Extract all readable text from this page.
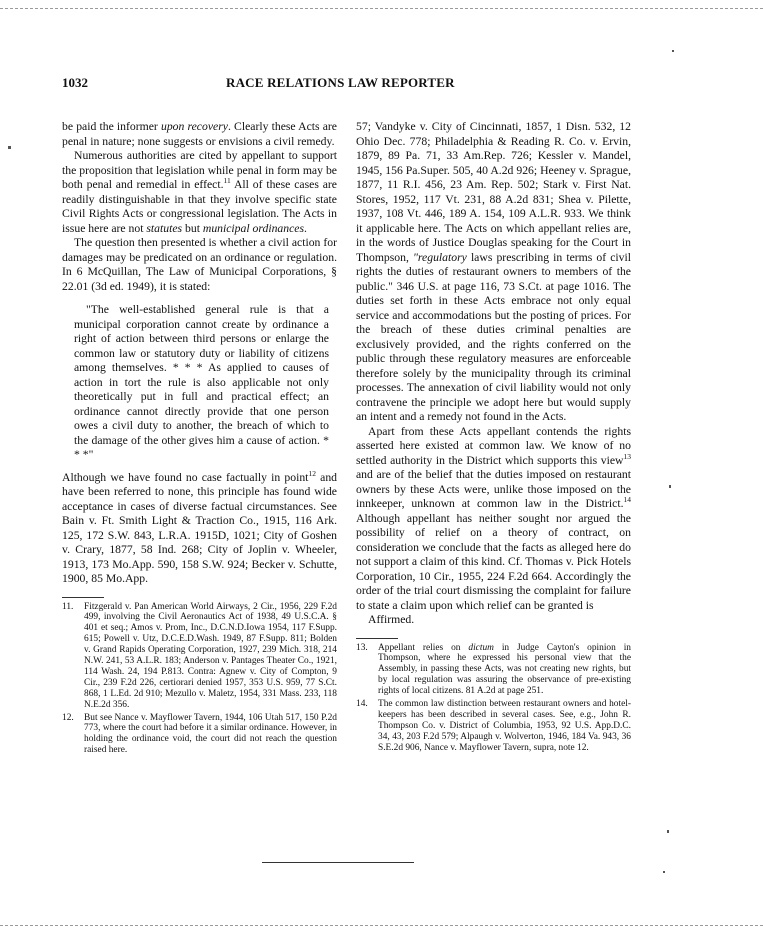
1032	RACE RELATIONS LAW REPORTER

be paid the informer upon recovery. Clearly these Acts are penal in nature; none suggests or envisions a civil remedy.

Numerous authorities are cited by appellant to support the proposition that legislation while penal in form may be both penal and remedial in effect.$^{11}$ All of these cases are readily distinguishable in that they involve specific state Civil Rights Acts or congressional legislation. The Acts in issue here are not statutes but municipal ordinances.

The question then presented is whether a civil action for damages may be predicated on an ordinance or regulation. In 6 McQuillan, The Law of Municipal Corporations, § 22.01 (3d ed. 1949), it is stated:

"The well-established general rule is that a municipal corporation cannot create by ordinance a right of action between third persons or enlarge the common law or statutory duty or liability of citizens among themselves. * * * As applied to causes of action in tort the rule is also applicable not only theoretically put in full and practical effect; an ordinance cannot directly provide that one person owes a civil duty to another, the breach of which to the damage of the other gives him a cause of action. * * *"

Although we have found no case factually in point$^{12}$ and have been referred to none, this principle has found wide acceptance in cases of diverse factual circumstances. See Bain v. Ft. Smith Light & Traction Co., 1915, 116 Ark. 125, 172 S.W. 843, L.R.A. 1915D, 1021; City of Goshen v. Crary, 1877, 58 Ind. 268; City of Joplin v. Wheeler, 1913, 173 Mo.App. 590, 158 S.W. 924; Becker v. Schutte, 1900, 85 Mo.App.

11.	Fitzgerald v. Pan American World Airways, 2 Cir., 1956, 229 F.2d 499, involving the Civil Aeronautics Act of 1938, 49 U.S.C.A. § 401 et seq.; Amos v. Prom, Inc., D.C.N.D.Iowa 1954, 117 F.Supp. 615; Powell v. Utz, D.C.E.D.Wash. 1949, 87 F.Supp. 811; Bolden v. Grand Rapids Operating Corporation, 1927, 239 Mich. 318, 214 N.W. 241, 53 A.L.R. 183; Anderson v. Pantages Theater Co., 1921, 114 Wash. 24, 194 P.813. Contra: Agnew v. City of Compton, 9 Cir., 239 F.2d 226, certiorari denied 1957, 353 U.S. 959, 77 S.Ct. 868, 1 L.Ed. 2d 910; Mezullo v. Maletz, 1954, 331 Mass. 233, 118 N.E.2d 356.
12.	But see Nance v. Mayflower Tavern, 1944, 106 Utah 517, 150 P.2d 773, where the court had before it a similar ordinance. However, in holding the ordinance void, the court did not reach the question raised here.

57; Vandyke v. City of Cincinnati, 1857, 1 Disn. 532, 12 Ohio Dec. 778; Philadelphia & Reading R. Co. v. Ervin, 1879, 89 Pa. 71, 33 Am.Rep. 726; Kessler v. Mandel, 1945, 156 Pa.Super. 505, 40 A.2d 926; Heeney v. Sprague, 1877, 11 R.I. 456, 23 Am. Rep. 502; Stark v. First Nat. Stores, 1952, 117 Vt. 231, 88 A.2d 831; Shea v. Pilette, 1937, 108 Vt. 446, 189 A. 154, 109 A.L.R. 933. We think it applicable here. The Acts on which appellant relies are, in the words of Justice Douglas speaking for the Court in Thompson, "regulatory laws prescribing in terms of civil rights the duties of restaurant owners to members of the public." 346 U.S. at page 116, 73 S.Ct. at page 1016. The duties set forth in these Acts embrace not only equal service and accommodations but the posting of prices. For the breach of these duties criminal penalties are exclusively provided, and the rights conferred on the public through these regulatory measures are enforceable therefore solely by the municipality through its criminal processes. The annexation of civil liability would not only contravene the principle we adopt here but would supply an intent and a remedy not found in the Acts.

Apart from these Acts appellant contends the rights asserted here existed at common law. We know of no settled authority in the District which supports this view$^{13}$ and are of the belief that the duties imposed on restaurant owners by these Acts were, unlike those imposed on the innkeeper, unknown at common law in the District.$^{14}$ Although appellant has neither sought nor argued the possibility of relief on a theory of contract, on consideration we conclude that the facts as alleged here do not support a claim of this kind. Cf. Thomas v. Pick Hotels Corporation, 10 Cir., 1955, 224 F.2d 664. Accordingly the order of the trial court dismissing the complaint for failure to state a claim upon which relief can be granted is

Affirmed.

13.	Appellant relies on dictum in Judge Cayton's opinion in Thompson, where he expressed his personal view that the Assembly, in passing these Acts, was not creating new rights, but by local regulation was assuring the observance of pre-existing rights of local citizens. 81 A.2d at page 251.
14.	The common law distinction between restaurant owners and hotel-keepers has been described in several cases. See, e.g., John R. Thompson Co. v. District of Columbia, 1953, 92 U.S. App.D.C. 34, 43, 203 F.2d 579; Alpaugh v. Wolverton, 1946, 184 Va. 943, 36 S.E.2d 906, Nance v. Mayflower Tavern, supra, note 12.
